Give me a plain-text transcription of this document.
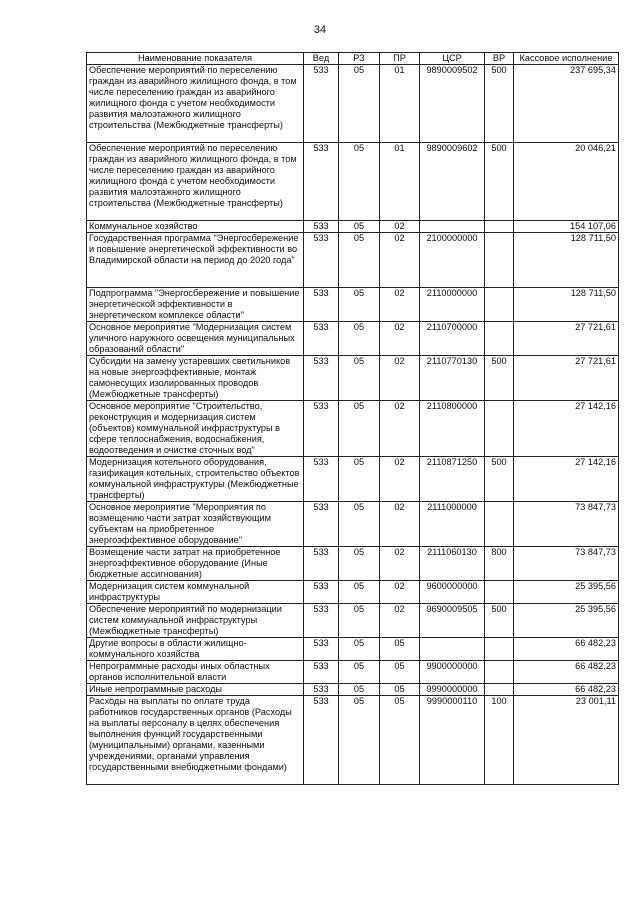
34
Наименование показателя	Вед	РЗ	ПР	ЦСР	ВР	Кассовое исполнение
Обеспечение мероприятий по переселению граждан из аварийного жилищного фонда, в том числе переселению граждан из аварийного жилищного фонда с учетом необходимости развития малоэтажного жилищного строительства (Межбюджетные трансферты)	533	05	01	9890009502	500	237 695,34
Обеспечение мероприятий по переселению граждан из аварийного жилищного фонда, в том числе переселению граждан из аварийного жилищного фонда с учетом необходимости развития малоэтажного жилищного строительства (Межбюджетные трансферты)	533	05	01	9890009602	500	20 046,21
Коммунальное хозяйство	533	05	02			154 107,06
Государственная программа "Энергосбережение и повышение энергетической эффективности во Владимирской области на период до 2020 года"	533	05	02	2100000000		128 711,50
Подпрограмма "Энергосбережение и повышение энергетической эффективности в энергетическом комплексе области"	533	05	02	2110000000		128 711,50
Основное мероприятие "Модернизация систем уличного наружного освещения муниципальных образований области"	533	05	02	2110700000		27 721,61
Субсидии на замену устаревших светильников на новые энергоэффективные, монтаж самонесущих изолированных проводов (Межбюджетные трансферты)	533	05	02	2110770130	500	27 721,61
Основное мероприятие "Строительство, реконструкция и модернизация систем (объектов) коммунальной инфраструктуры в сфере теплоснабжения, водоснабжения, водоотведения и очистке сточных вод"	533	05	02	2110800000		27 142,16
Модернизация котельного оборудования, газификация котельных, строительство объектов коммунальной инфраструктуры (Межбюджетные трансферты)	533	05	02	2110871250	500	27 142,16
Основное мероприятие "Мероприятия по возмещению части затрат хозяйствующим субъектам на приобретенное энергоэффективное оборудование"	533	05	02	2111000000		73 847,73
Возмещение части затрат на приобретенное энергоэффективное оборудование (Иные бюджетные ассигнования)	533	05	02	2111060130	800	73 847,73
Модернизация систем коммунальной инфраструктуры	533	05	02	9600000000		25 395,56
Обеспечение мероприятий по модернизации систем коммунальной инфраструктуры (Межбюджетные трансферты)	533	05	02	9690009505	500	25 395,56
Другие вопросы в области жилищно-коммунального хозяйства	533	05	05			66 482,23
Непрограммные расходы иных областных органов исполнительной власти	533	05	05	9900000000		66 482,23
Иные непрограммные расходы	533	05	05	9990000000		66 482,23
Расходы на выплаты по оплате труда работников государственных органов (Расходы на выплаты персоналу в целях обеспечения выполнения функций государственными (муниципальными) органами, казенными учреждениями, органами управления государственными внебюджетными фондами)	533	05	05	9990000110	100	23 001,11
